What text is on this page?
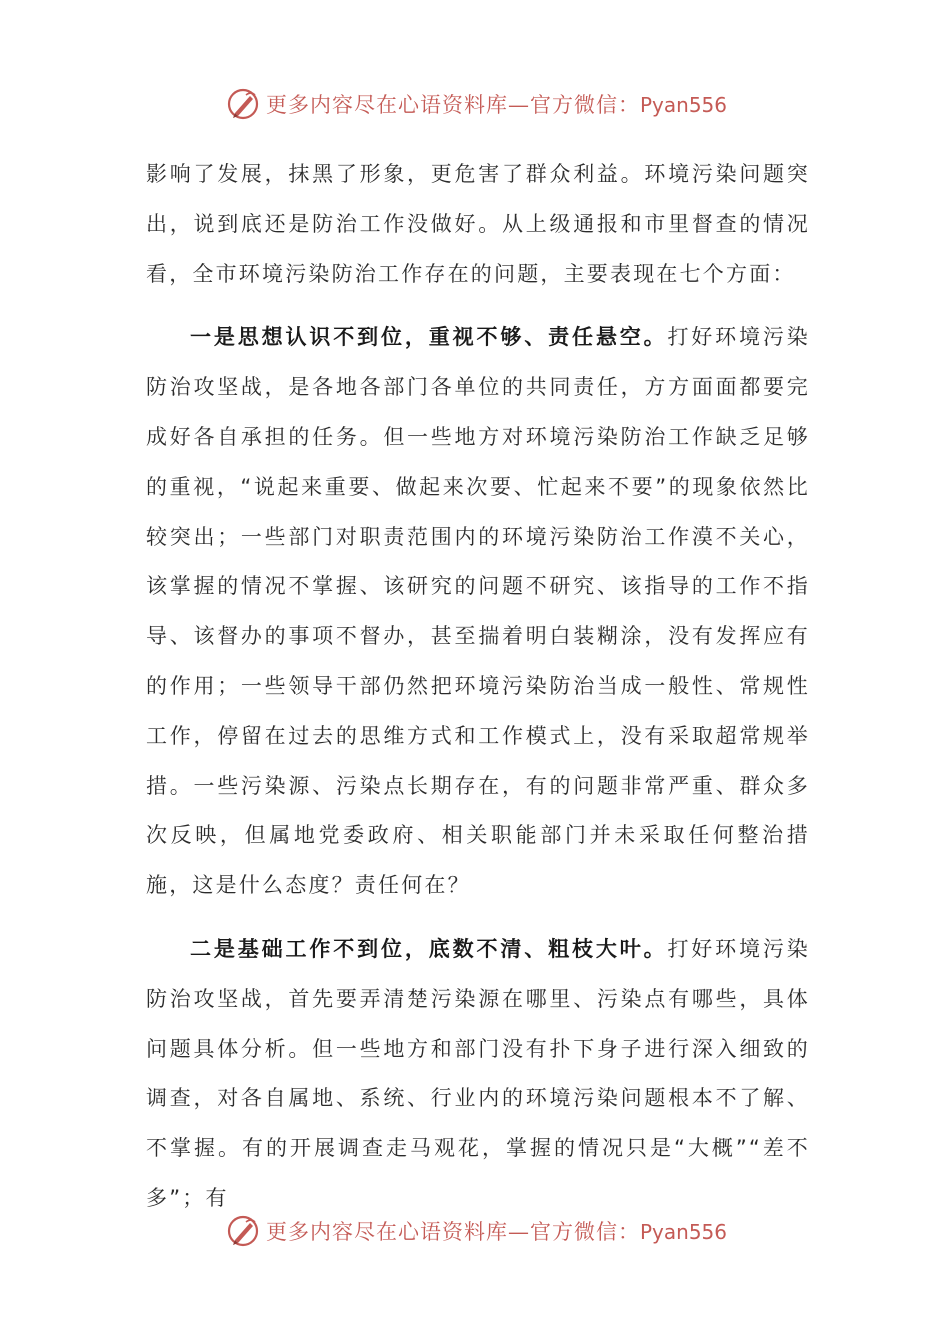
更多内容尽在心语资料库—官方微信：Pyan556

影响了发展，抹黑了形象，更危害了群众利益。环境污染问题突出，说到底还是防治工作没做好。从上级通报和市里督查的情况看，全市环境污染防治工作存在的问题，主要表现在七个方面：

一是思想认识不到位，重视不够、责任悬空。打好环境污染防治攻坚战，是各地各部门各单位的共同责任，方方面面都要完成好各自承担的任务。但一些地方对环境污染防治工作缺乏足够的重视，“说起来重要、做起来次要、忙起来不要”的现象依然比较突出；一些部门对职责范围内的环境污染防治工作漠不关心，该掌握的情况不掌握、该研究的问题不研究、该指导的工作不指导、该督办的事项不督办，甚至揣着明白装糊涂，没有发挥应有的作用；一些领导干部仍然把环境污染防治当成一般性、常规性工作，停留在过去的思维方式和工作模式上，没有采取超常规举措。一些污染源、污染点长期存在，有的问题非常严重、群众多次反映，但属地党委政府、相关职能部门并未采取任何整治措施，这是什么态度？责任何在？

二是基础工作不到位，底数不清、粗枝大叶。打好环境污染防治攻坚战，首先要弄清楚污染源在哪里、污染点有哪些，具体问题具体分析。但一些地方和部门没有扑下身子进行深入细致的调查，对各自属地、系统、行业内的环境污染问题根本不了解、不掌握。有的开展调查走马观花，掌握的情况只是“大概”“差不多”；有

更多内容尽在心语资料库—官方微信：Pyan556
